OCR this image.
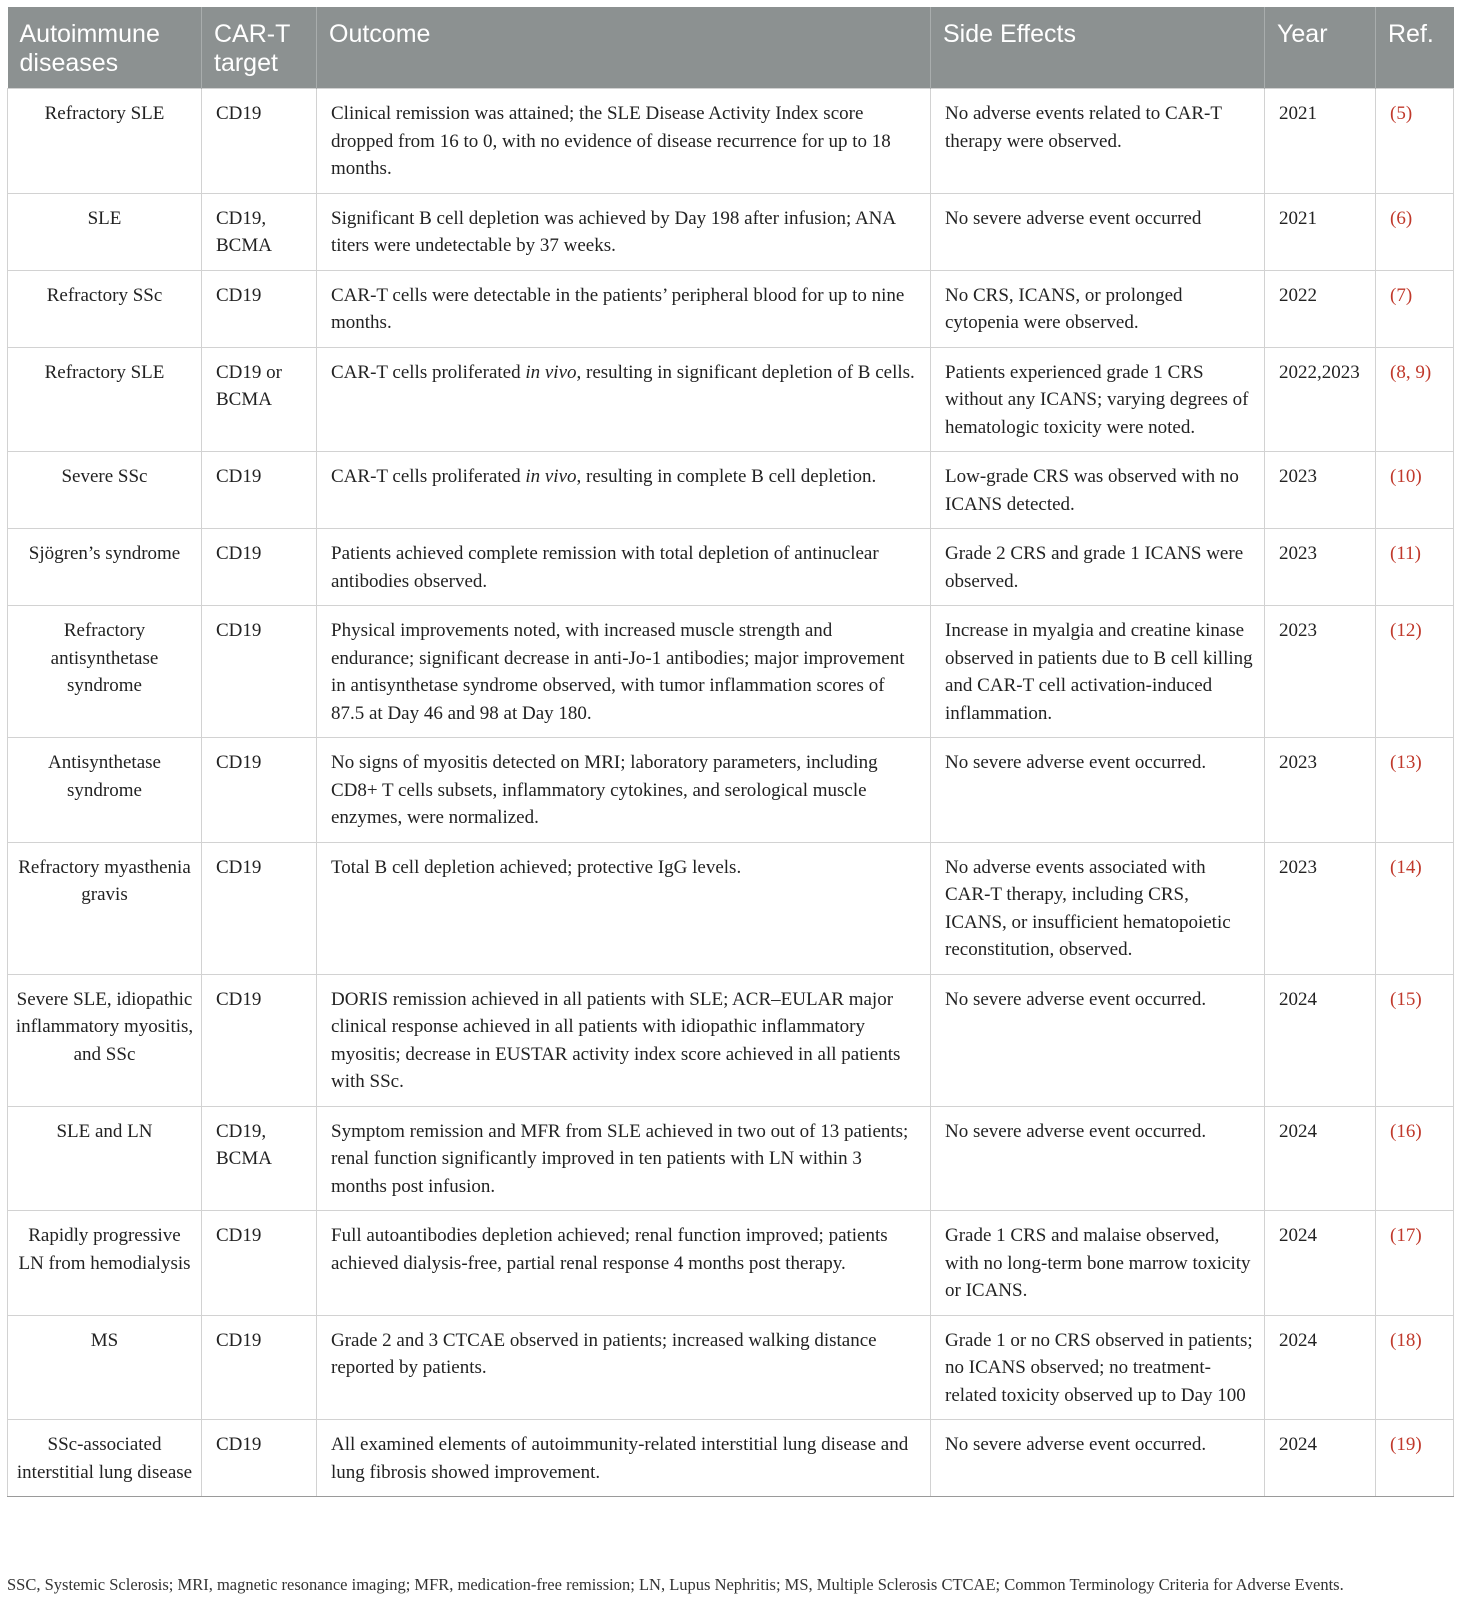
Autoimmune diseases	CAR-T target	Outcome	Side Effects	Year	Ref.
Refractory SLE	CD19	Clinical remission was attained; the SLE Disease Activity Index score dropped from 16 to 0, with no evidence of disease recurrence for up to 18 months.	No adverse events related to CAR-T therapy were observed.	2021	(5)
SLE	CD19, BCMA	Significant B cell depletion was achieved by Day 198 after infusion; ANA titers were undetectable by 37 weeks.	No severe adverse event occurred	2021	(6)
Refractory SSc	CD19	CAR-T cells were detectable in the patients’ peripheral blood for up to nine months.	No CRS, ICANS, or prolonged cytopenia were observed.	2022	(7)
Refractory SLE	CD19 or BCMA	CAR-T cells proliferated in vivo, resulting in significant depletion of B cells.	Patients experienced grade 1 CRS without any ICANS; varying degrees of hematologic toxicity were noted.	2022,2023	(8, 9)
Severe SSc	CD19	CAR-T cells proliferated in vivo, resulting in complete B cell depletion.	Low-grade CRS was observed with no ICANS detected.	2023	(10)
Sjögren’s syndrome	CD19	Patients achieved complete remission with total depletion of antinuclear antibodies observed.	Grade 2 CRS and grade 1 ICANS were observed.	2023	(11)
Refractory antisynthetase syndrome	CD19	Physical improvements noted, with increased muscle strength and endurance; significant decrease in anti-Jo-1 antibodies; major improvement in antisynthetase syndrome observed, with tumor inflammation scores of 87.5 at Day 46 and 98 at Day 180.	Increase in myalgia and creatine kinase observed in patients due to B cell killing and CAR-T cell activation-induced inflammation.	2023	(12)
Antisynthetase syndrome	CD19	No signs of myositis detected on MRI; laboratory parameters, including CD8+ T cells subsets, inflammatory cytokines, and serological muscle enzymes, were normalized.	No severe adverse event occurred.	2023	(13)
Refractory myasthenia gravis	CD19	Total B cell depletion achieved; protective IgG levels.	No adverse events associated with CAR-T therapy, including CRS, ICANS, or insufficient hematopoietic reconstitution, observed.	2023	(14)
Severe SLE, idiopathic inflammatory myositis, and SSc	CD19	DORIS remission achieved in all patients with SLE; ACR–EULAR major clinical response achieved in all patients with idiopathic inflammatory myositis; decrease in EUSTAR activity index score achieved in all patients with SSc.	No severe adverse event occurred.	2024	(15)
SLE and LN	CD19, BCMA	Symptom remission and MFR from SLE achieved in two out of 13 patients; renal function significantly improved in ten patients with LN within 3 months post infusion.	No severe adverse event occurred.	2024	(16)
Rapidly progressive LN from hemodialysis	CD19	Full autoantibodies depletion achieved; renal function improved; patients achieved dialysis-free, partial renal response 4 months post therapy.	Grade 1 CRS and malaise observed, with no long-term bone marrow toxicity or ICANS.	2024	(17)
MS	CD19	Grade 2 and 3 CTCAE observed in patients; increased walking distance reported by patients.	Grade 1 or no CRS observed in patients; no ICANS observed; no treatment-related toxicity observed up to Day 100	2024	(18)
SSc-associated interstitial lung disease	CD19	All examined elements of autoimmunity-related interstitial lung disease and lung fibrosis showed improvement.	No severe adverse event occurred.	2024	(19)
SSC, Systemic Sclerosis; MRI, magnetic resonance imaging; MFR, medication-free remission; LN, Lupus Nephritis; MS, Multiple Sclerosis CTCAE; Common Terminology Criteria for Adverse Events.
